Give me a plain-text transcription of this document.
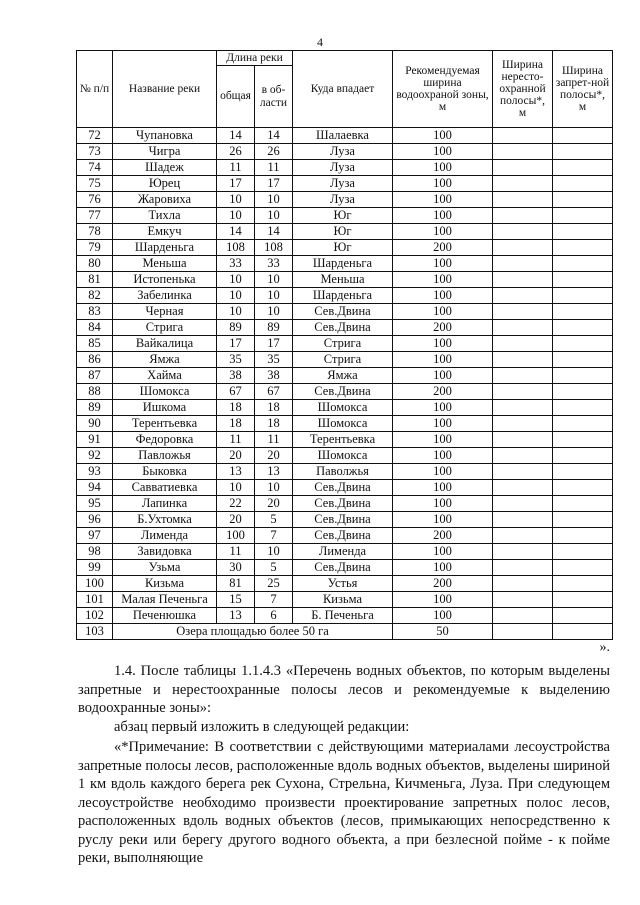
4
№ п/п	Название реки	Длина реки		Куда впадает	Рекомендуемая ширина водоохраной зоны, м	Ширина нересто-охранной полосы*, м	Ширина запрет-ной полосы*, м
		общая	в об-ласти				
72	Чупановка	14	14	Шалаевка	100		
73	Чигра	26	26	Луза	100		
74	Шадеж	11	11	Луза	100		
75	Юрец	17	17	Луза	100		
76	Жаровиха	10	10	Луза	100		
77	Тихла	10	10	Юг	100		
78	Емкуч	14	14	Юг	100		
79	Шарденьга	108	108	Юг	200		
80	Меньша	33	33	Шарденьга	100		
81	Истопенька	10	10	Меньша	100		
82	Забелинка	10	10	Шарденьга	100		
83	Черная	10	10	Сев.Двина	100		
84	Стрига	89	89	Сев.Двина	200		
85	Вайкалица	17	17	Стрига	100		
86	Ямжа	35	35	Стрига	100		
87	Хайма	38	38	Ямжа	100		
88	Шомокса	67	67	Сев.Двина	200		
89	Ишкома	18	18	Шомокса	100		
90	Терентьевка	18	18	Шомокса	100		
91	Федоровка	11	11	Терентьевка	100		
92	Павложья	20	20	Шомокса	100		
93	Быковка	13	13	Паволжья	100		
94	Савватиевка	10	10	Сев.Двина	100		
95	Лапинка	22	20	Сев.Двина	100		
96	Б.Ухтомка	20	5	Сев.Двина	100		
97	Лименда	100	7	Сев.Двина	200		
98	Завидовка	11	10	Лименда	100		
99	Узьма	30	5	Сев.Двина	100		
100	Кизьма	81	25	Устья	200		
101	Малая Печеньга	15	7	Кизьма	100		
102	Печенюшка	13	6	Б. Печеньга	100		
103	Озера площадью более 50 га				50		
».
1.4. После таблицы 1.1.4.3 «Перечень водных объектов, по которым выделены запретные и нерестоохранные полосы лесов и рекомендуемые к выделению водоохранные зоны»:
абзац первый изложить в следующей редакции:
«*Примечание: В соответствии с действующими материалами лесоустройства запретные полосы лесов, расположенные вдоль водных объектов, выделены шириной 1 км вдоль каждого берега рек Сухона, Стрельна, Кичменьга, Луза. При следующем лесоустройстве необходимо произвести проектирование запретных полос лесов, расположенных вдоль водных объектов (лесов, примыкающих непосредственно к руслу реки или берегу другого водного объекта, а при безлесной пойме - к пойме реки, выполняющие
